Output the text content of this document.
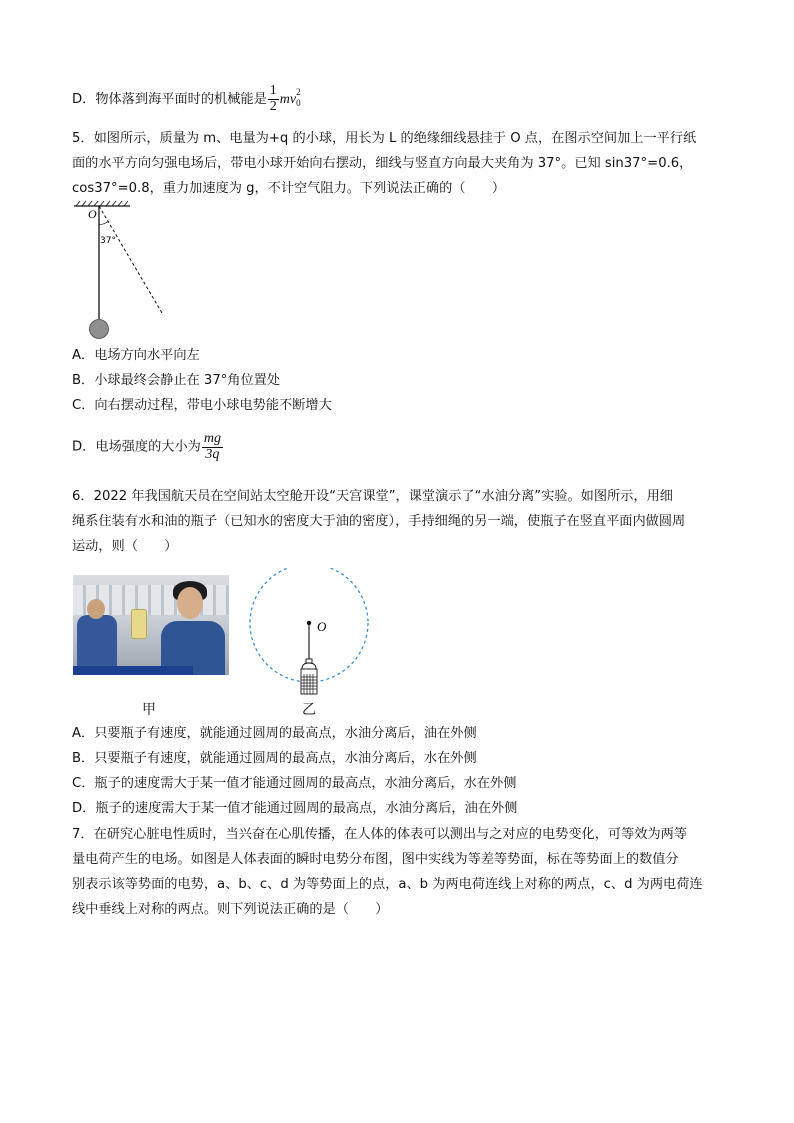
D．物体落到海平面时的机械能是 $\frac{1}{2}$ mv 2
0
5．如图所示，质量为 m、电量为+q 的小球，用长为 L 的绝缘细线悬挂于 O 点，在图示空间加上一平行纸
面的水平方向匀强电场后，带电小球开始向右摆动，细线与竖直方向最大夹角为 37°。已知 sin37°=0.6，
cos37°=0.8，重力加速度为 g，不计空气阻力。下列说法正确的（　　）
O
37°
A．电场方向水平向左
B．小球最终会静止在 37°角位置处
C．向右摆动过程，带电小球电势能不断增大
D．电场强度的大小为 $\frac{mg}{3q}$
6．2022 年我国航天员在空间站太空舱开设“天宫课堂”，课堂演示了“水油分离”实验。如图所示，用细
绳系住装有水和油的瓶子（已知水的密度大于油的密度），手持细绳的另一端，使瓶子在竖直平面内做圆周
运动，则（　　）
O
甲	乙
A．只要瓶子有速度，就能通过圆周的最高点，水油分离后，油在外侧
B．只要瓶子有速度，就能通过圆周的最高点，水油分离后，水在外侧
C．瓶子的速度需大于某一值才能通过圆周的最高点，水油分离后，水在外侧
D．瓶子的速度需大于某一值才能通过圆周的最高点，水油分离后，油在外侧
7．在研究心脏电性质时，当兴奋在心肌传播，在人体的体表可以测出与之对应的电势变化，可等效为两等
量电荷产生的电场。如图是人体表面的瞬时电势分布图，图中实线为等差等势面，标在等势面上的数值分
别表示该等势面的电势，a、b、c、d 为等势面上的点，a、b 为两电荷连线上对称的两点，c、d 为两电荷连
线中垂线上对称的两点。则下列说法正确的是（　　）
